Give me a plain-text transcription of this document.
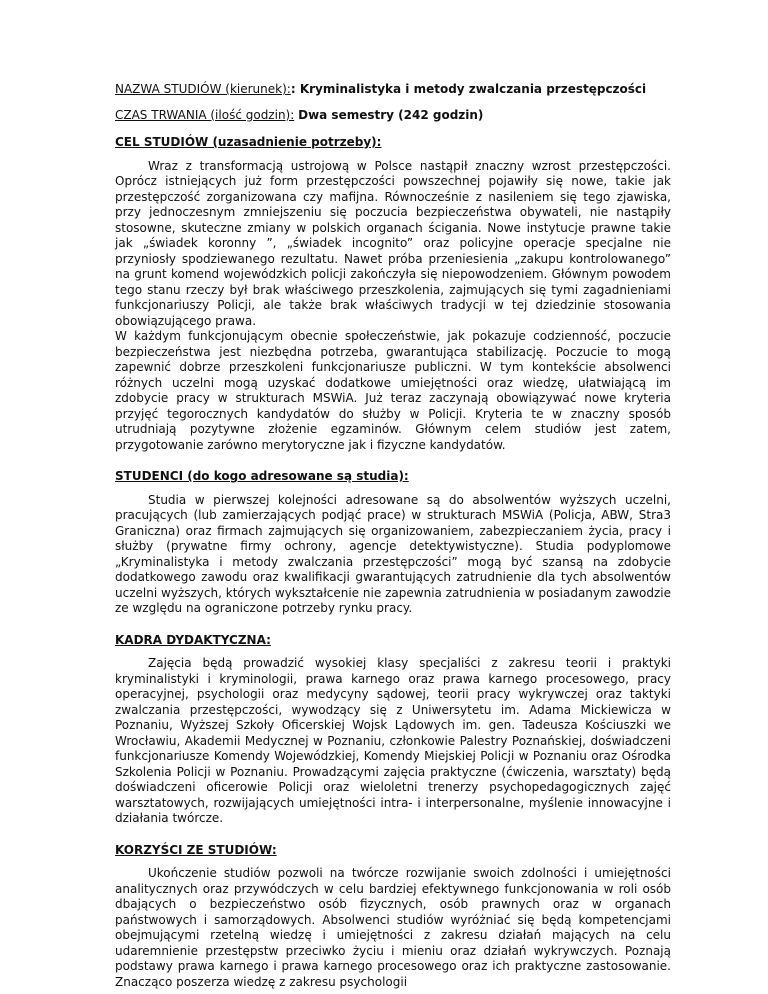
NAZWA STUDIÓW (kierunek):: Kryminalistyka i metody zwalczania przestępczości
CZAS TRWANIA (ilość godzin): Dwa semestry (242 godzin)
CEL STUDIÓW (uzasadnienie potrzeby):

Wraz z transformacją ustrojową w Polsce nastąpił znaczny wzrost przestępczości. Oprócz istniejących już form przestępczości powszechnej pojawiły się nowe, takie jak przestępczość zorganizowana czy mafijna. Równocześnie z nasileniem się tego zjawiska, przy jednoczesnym zmniejszeniu się poczucia bezpieczeństwa obywateli, nie nastąpiły stosowne, skuteczne zmiany w polskich organach ścigania. Nowe instytucje prawne takie jak „świadek koronny ”, „świadek incognito” oraz policyjne operacje specjalne nie przyniosły spodziewanego rezultatu. Nawet próba przeniesienia „zakupu kontrolowanego” na grunt komend wojewódzkich policji zakończyła się niepowodzeniem. Głównym powodem tego stanu rzeczy był brak właściwego przeszkolenia, zajmujących się tymi zagadnieniami funkcjonariuszy Policji, ale także brak właściwych tradycji w tej dziedzinie stosowania obowiązującego prawa.

W każdym funkcjonującym obecnie społeczeństwie, jak pokazuje codzienność, poczucie bezpieczeństwa jest niezbędna potrzeba, gwarantująca stabilizację. Poczucie to mogą zapewnić dobrze przeszkoleni funkcjonariusze publiczni. W tym kontekście absolwenci różnych uczelni mogą uzyskać dodatkowe umiejętności oraz wiedzę, ułatwiającą im zdobycie pracy w strukturach MSWiA. Już teraz zaczynają obowiązywać nowe kryteria przyjęć tegorocznych kandydatów do służby w Policji. Kryteria te w znaczny sposób utrudniają pozytywne złożenie egzaminów. Głównym celem studiów jest zatem, przygotowanie zarówno merytoryczne jak i fizyczne kandydatów.

STUDENCI (do kogo adresowane są studia):

Studia w pierwszej kolejności adresowane są do absolwentów wyższych uczelni, pracujących (lub zamierzających podjąć prace) w strukturach MSWiA (Policja, ABW, Stra3 Graniczna) oraz firmach zajmujących się organizowaniem, zabezpieczaniem życia, pracy i służby (prywatne firmy ochrony, agencje detektywistyczne). Studia podyplomowe „Kryminalistyka i metody zwalczania przestępczości” mogą być szansą na zdobycie dodatkowego zawodu oraz kwalifikacji gwarantujących zatrudnienie dla tych absolwentów uczelni wyższych, których wykształcenie nie zapewnia zatrudnienia w posiadanym zawodzie ze względu na ograniczone potrzeby rynku pracy.

KADRA DYDAKTYCZNA:

Zajęcia będą prowadzić wysokiej klasy specjaliści z zakresu teorii i praktyki kryminalistyki i kryminologii, prawa karnego oraz prawa karnego procesowego, pracy operacyjnej, psychologii oraz medycyny sądowej, teorii pracy wykrywczej oraz taktyki zwalczania przestępczości, wywodzący się z Uniwersytetu im. Adama Mickiewicza w Poznaniu, Wyższej Szkoły Oficerskiej Wojsk Lądowych im. gen. Tadeusza Kościuszki we Wrocławiu, Akademii Medycznej w Poznaniu, członkowie Palestry Poznańskiej, doświadczeni funkcjonariusze Komendy Wojewódzkiej, Komendy Miejskiej Policji w Poznaniu oraz Ośrodka Szkolenia Policji w Poznaniu. Prowadzącymi zajęcia praktyczne (ćwiczenia, warsztaty) będą doświadczeni oficerowie Policji oraz wieloletni trenerzy psychopedagogicznych zajęć warsztatowych, rozwijających umiejętności intra- i interpersonalne, myślenie innowacyjne i działania twórcze.

KORZYŚCI ZE STUDIÓW:

Ukończenie studiów pozwoli na twórcze rozwijanie swoich zdolności i umiejętności analitycznych oraz przywódczych w celu bardziej efektywnego funkcjonowania w roli osób dbających o bezpieczeństwo osób fizycznych, osób prawnych oraz w organach państwowych i samorządowych. Absolwenci studiów wyróżniać się będą kompetencjami obejmującymi rzetelną wiedzę i umiejętności z zakresu działań mających na celu udaremnienie przestępstw przeciwko życiu i mieniu oraz działań wykrywczych. Poznają podstawy prawa karnego i prawa karnego procesowego oraz ich praktyczne zastosowanie. Znacząco poszerza wiedzę z zakresu psychologii
